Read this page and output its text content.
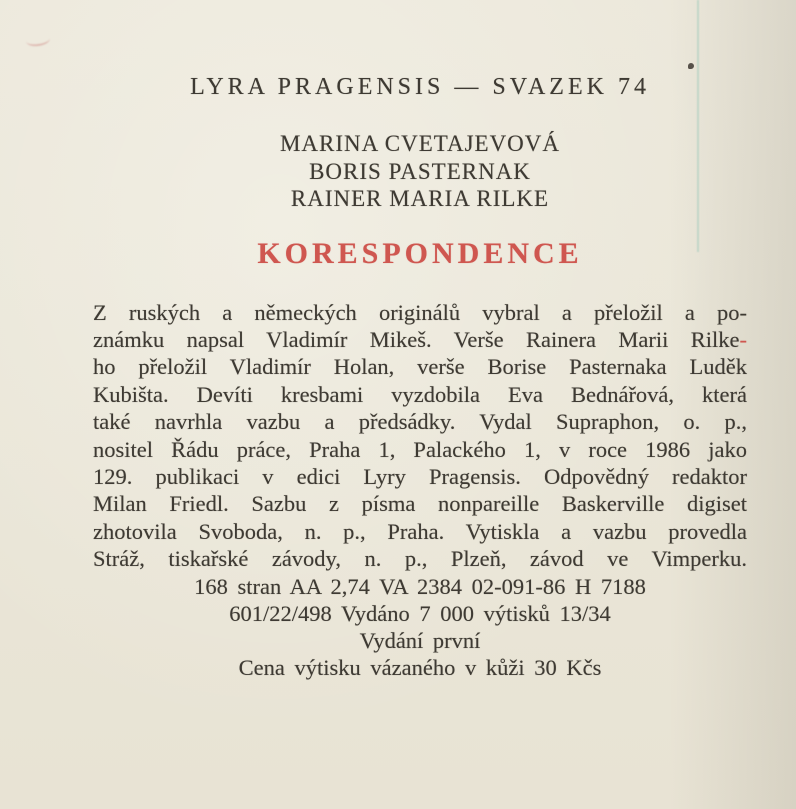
LYRA PRAGENSIS — SVAZEK 74
MARINA CVETAJEVOVÁ
BORIS PASTERNAK
RAINER MARIA RILKE
KORESPONDENCE
Z ruských a německých originálů vybral a přeložil a po-
známku napsal Vladimír Mikeš. Verše Rainera Marii Rilke-
ho přeložil Vladimír Holan, verše Borise Pasternaka Luděk
Kubišta. Devíti kresbami vyzdobila Eva Bednářová, která
také navrhla vazbu a předsádky. Vydal Supraphon, o. p.,
nositel Řádu práce, Praha 1, Palackého 1, v roce 1986 jako
129. publikaci v edici Lyry Pragensis. Odpovědný redaktor
Milan Friedl. Sazbu z písma nonpareille Baskerville digiset
zhotovila Svoboda, n. p., Praha. Vytiskla a vazbu provedla
Stráž, tiskařské závody, n. p., Plzeň, závod ve Vimperku.
168 stran AA 2,74 VA 2384 02-091-86 H 7188
601/22/498 Vydáno 7 000 výtisků 13/34
Vydání první
Cena výtisku vázaného v kůži 30 Kčs
